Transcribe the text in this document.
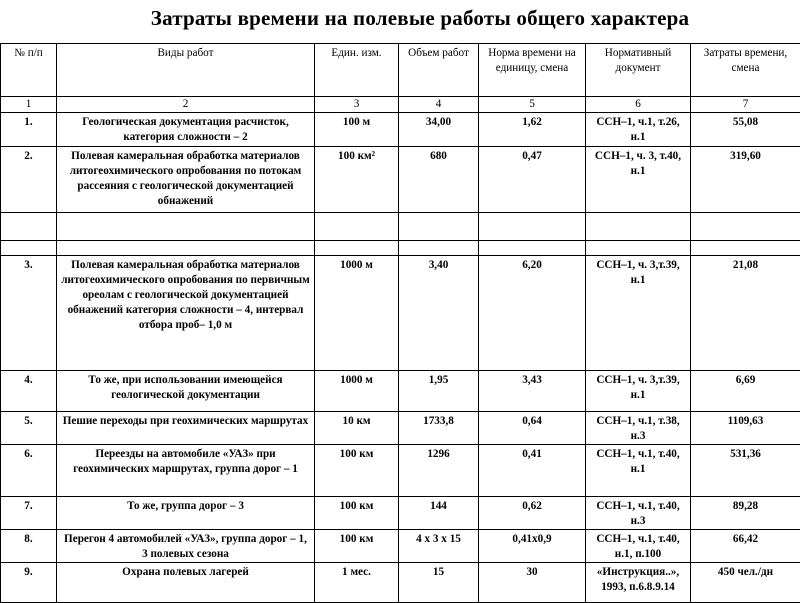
Затраты времени на полевые работы общего характера
№ п/п	Виды работ	Един. изм.	Объем работ	Норма времени на единицу, смена	Нормативный документ	Затраты времени, смена
1	2	3	4	5	6	7
1.	Геологическая документация расчисток, категория сложности – 2	100 м	34,00	1,62	ССН–1, ч.1, т.26, н.1	55,08
2.	Полевая камеральная обработка материалов литогеохимического опробования по потокам рассеяния с геологической документацией обнажений	100 км²	680	0,47	ССН–1, ч. 3, т.40, н.1	319,60

3.	Полевая камеральная обработка материалов литогеохимического опробования по первичным ореолам с геологической документацией обнажений категория сложности – 4, интервал отбора проб– 1,0 м	1000 м	3,40	6,20	ССН–1, ч. 3,т.39, н.1	21,08
4.	То же, при использовании имеющейся геологической документации	1000 м	1,95	3,43	ССН–1, ч. 3,т.39, н.1	6,69
5.	Пешие переходы при геохимических маршрутах	10 км	1733,8	0,64	ССН–1, ч.1, т.38, н.3	1109,63
6.	Переезды на автомобиле «УАЗ» при геохимических маршрутах, группа дорог – 1	100 км	1296	0,41	ССН–1, ч.1, т.40, н.1	531,36
7.	То же, группа дорог – 3	100 км	144	0,62	ССН–1, ч.1, т.40, н.3	89,28
8.	Перегон 4 автомобилей «УАЗ», группа дорог – 1, 3 полевых сезона	100 км	4 х 3 х 15	0,41х0,9	ССН–1, ч.1, т.40, н.1, п.100	66,42
9.	Охрана полевых лагерей	1 мес.	15	30	«Инструкция..», 1993, п.6.8.9.14	450 чел./дн
